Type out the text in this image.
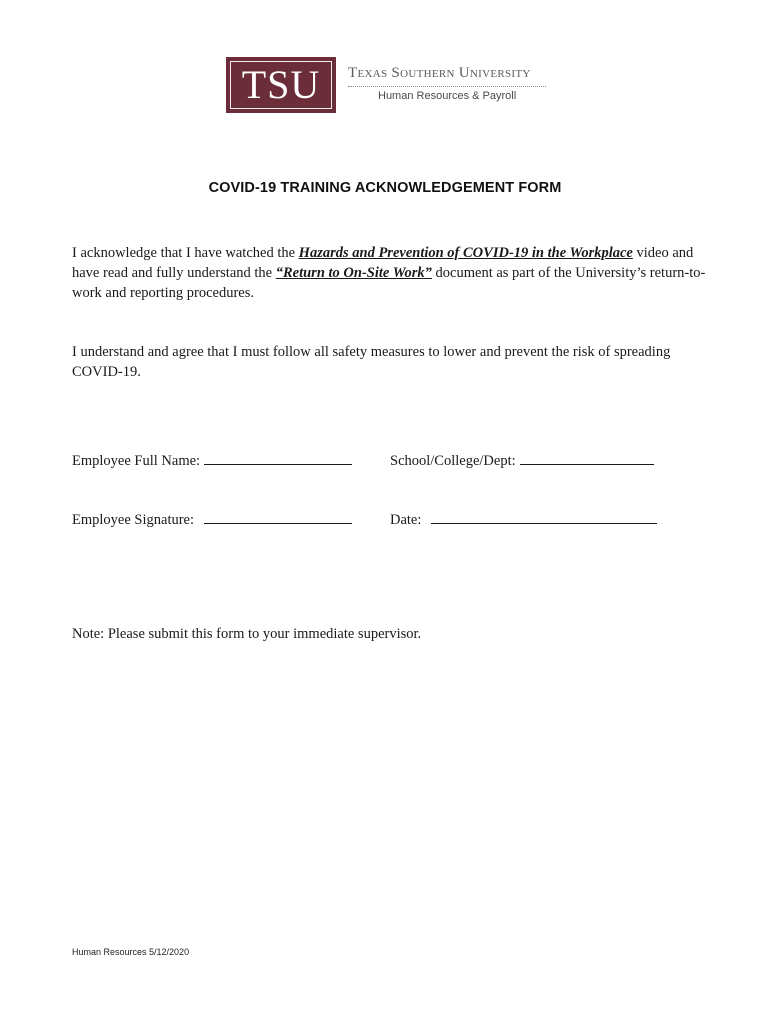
TSU Texas Southern University
Human Resources & Payroll
COVID-19 TRAINING ACKNOWLEDGEMENT FORM
I acknowledge that I have watched the Hazards and Prevention of COVID-19 in the Workplace video and have read and fully understand the “Return to On-Site Work” document as part of the University’s return-to-work and reporting procedures.
I understand and agree that I must follow all safety measures to lower and prevent the risk of spreading COVID-19.
Employee Full Name:	School/College/Dept:
Employee Signature:	Date:
Note: Please submit this form to your immediate supervisor.
Human Resources 5/12/2020
